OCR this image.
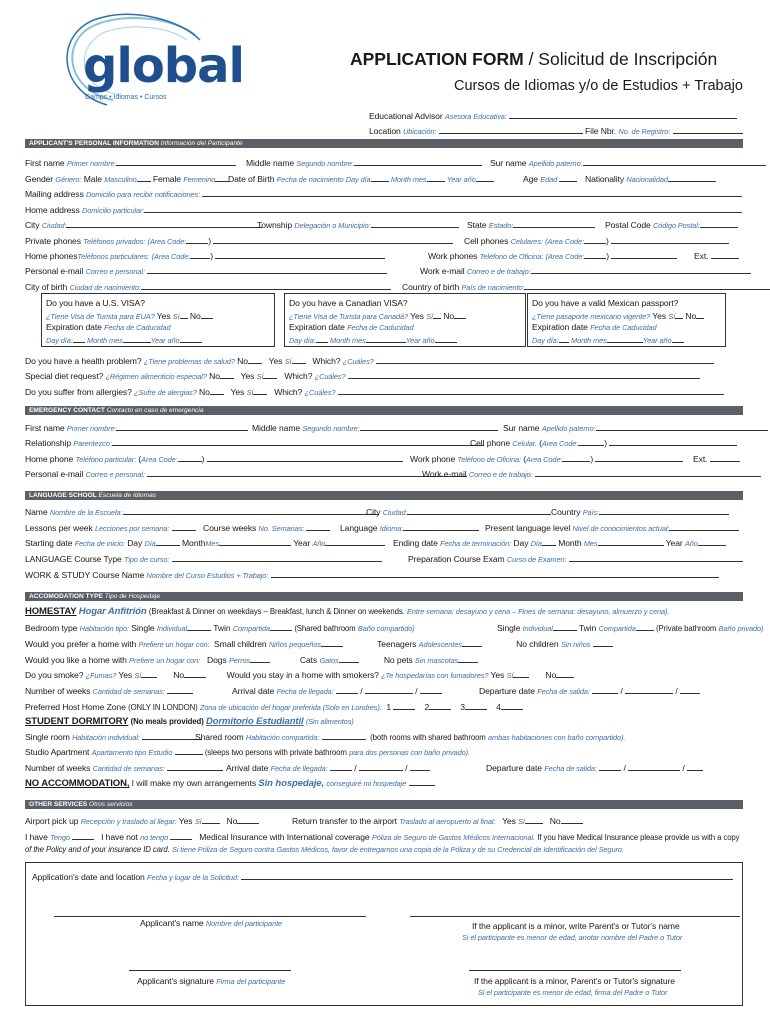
global
Camps • Idiomas • Cursos
APPLICATION FORM / Solicitud de Inscripción
Cursos de Idiomas y/o de Estudios + Trabajo
Educational Advisor Asesora Educativa:
Location Ubicación:	File Nbr. No. de Registro:
APPLICANT'S PERSONAL INFORMATION Información del Participante
First name Primer nombre:	Middle name Segundo nombre:	Sur name Apellido paterno:
Gender Género: Male Masculino Female Femenino	Date of Birth Fecha de nacimiento Day día	Month mes	Year año	Age Edad	Nationality Nacionalidad
Mailing address Domicilio para recibir notificaciones:
Home address Domicilio particular:
City Ciudad:	Township Delegación o Municipio:	State Estado:	Postal Code Código Postal:
Private phones Teléfonos privados: (Area Code:	)	Cell phones Celulares: (Area Code:	)
Home phonesTeléfonos particulares: (Area Code: )	Work phones Teléfono de Oficina: (Area Code:	)	Ext.
Personal e-mail Correo e personal:	Work e-mail Correo e de trabajo:
City of birth Ciudad de nacimiento:	Country of birth País de nacimiento:
Do you have a U.S. VISA?
¿Tiene Visa de Turista para EUA? Yes Sí No
Expiration date Fecha de Caducidad
Day día: Month mes	Year año
Do you have a Canadian VISA?
¿Tiene Visa de Turista para Canadá? Yes Sí No
Expiration date Fecha de Caducidad
Day día: Month mes	Year año
Do you have a valid Mexican passport?
¿Tiene pasaporte mexicano vigente? Yes Sí No
Expiration date Fecha de Caducidad
Day día: Month mes	Year año
Do you have a health problem? ¿Tiene problemas de salud? No Yes Sí Which? ¿Cuáles?
Special diet request? ¿Régimen alimenticio especial? No Yes Sí Which? ¿Cuáles?
Do you suffer from allergies? ¿Sufre de alergias? No Yes Sí Which? ¿Cuáles?
EMERGENCY CONTACT Contacto en caso de emergencia
First name Primer nombre:	Middle name Segundo nombre:	Sur name Apellido paterno:
Relationship Parentezco:	Cell phone Celular. (Area Code:	)
Home phone Teléfono particular: (Area Code:	)	Work phone Teléfono de Oficina: (Area Code:	)	Ext.
Personal e-mail Correo e personal:	Work e-mail Correo e de trabajo:
LANGUAGE SCHOOL Escuela de Idiomas
Name Nombre de la Escuela:	City Ciudad:	Country País:
Lessons per week Lecciones por semana:	Course weeks No. Semanas:	Language Idioma:	Present language level Nivel de conocimientos actual:
Starting date Fecha de inicio: Day Día	MonthMes	Year Año	Ending date Fecha de terminación: Day Día Month Mes	Year Año
LANGUAGE Course Type Tipo de curso:	Preparation Course Exam Curso de Examen:
WORK & STUDY Course Name Nombre del Curso Estudios + Trabajo:
ACCOMODATION TYPE Tipo de Hospedaje
HOMESTAY Hogar Anfitrión (Breakfast & Dinner on weekdays – Breakfast, lunch & Dinner on weekends. Entre semana: desayuno y cena – Fines de semana: desayuno, almuerzo y cena).
Bedroom type Habitación tipo: Single Individual	Twin Compartida	(Shared bathroom Baño compartido)	Single Individual	Twin Compartida	(Private bathroom Baño privado)
Would you prefer a home with Prefiere un hogar con: Small children Niños pequeños	Teenagers Adolescentes	No children Sin niños
Would you like a home with Prefiere un hogar con: Dogs Perros	Cats Gatos	No pets Sin mascotas
Do you smoke? ¿Fumas? Yes Sí	No	Would you stay in a home with smokers? ¿Te hospedarías con fumadores? Yes Sí	No
Number of weeks Cantidad de semanas:	Arrival date Fecha de llegada:	/	/	Departure date Fecha de salida:	/	/
Preferred Host Home Zone (ONLY IN LONDON) Zona de ubicación del hogar preferida (Solo en Londres): 1	2	3	4
STUDENT DORMITORY (No meals provided) Dormitorio Estudiantil (Sin alimentos)
Single room Habitación individual:	Shared room Habitación compartida:	(both rooms with shared bathroom ambas habitaciones con baño compartido).
Studio Apartment Apartamento tipo Estudio	(sleeps two persons with private bathroom para dos personas con baño privado).
Number of weeks Cantidad de semanas:	Arrival date Fecha de llegada:	/	/	Departure date Fecha de salida:	/	/
NO ACCOMMODATION, I will make my own arrangements Sin hospedaje, conseguiré mi hospedaje
OTHER SERVICES Otros servicios
Airport pick up Recepción y traslado al llegar: Yes Sí	No	Return transfer to the airport Traslado al aeropuerto al final: Yes Sí	No
I have Tengo	I have not no tengo	Medical Insurance with International coverage Póliza de Seguro de Gastos Médicos Internacional. If you have Medical Insurance please provide us with a copy
of the Policy and of your insurance ID card. Si tiene Póliza de Seguro contra Gastos Médicos, favor de entregarnos una copia de la Póliza y de su Credencial de Identificación del Seguro.
Application's date and location Fecha y lugar de la Solicitud:
Applicant's name Nombre del participante	If the applicant is a minor, write Parent's or Tutor's name
Si el participante es menor de edad, anotar nombre del Padre o Tutor
Applicant's signature Firma del participante	If the applicant is a minor, Parent's or Tutor's signature
Si el participante es menor de edad, firma del Padre o Tutor
